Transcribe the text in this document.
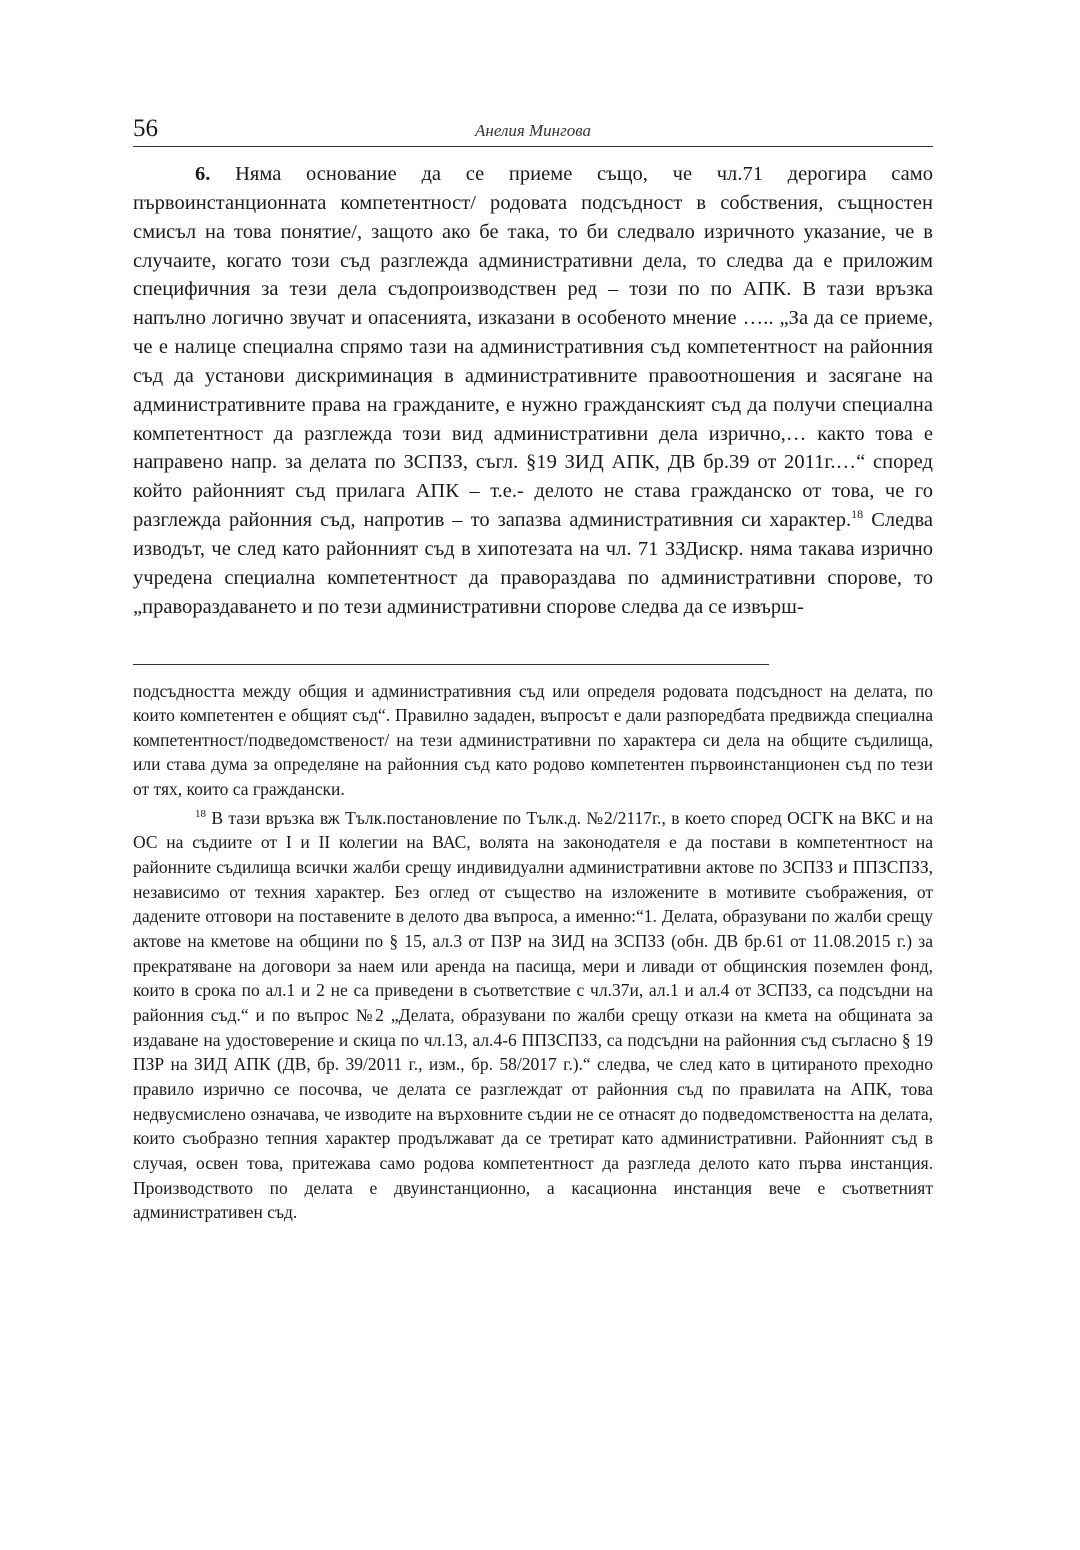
56	Анелия Мингова

6. Няма основание да се приеме също, че чл.71 дерогира само първоинстанционната компетентност/ родовата подсъдност в собствения, същностен смисъл на това понятие/, защото ако бе така, то би следвало изричното указание, че в случаите, когато този съд разглежда административни дела, то следва да е приложим специфичния за тези дела съдопроизводствен ред – този по по АПК. В тази връзка напълно логично звучат и опасенията, изказани в особеното мнение ….. „За да се приеме, че е налице специална спрямо тази на административния съд компетентност на районния съд да установи дискриминация в административните правоотношения и засягане на административните права на гражданите, е нужно гражданският съд да получи специална компетентност да разглежда този вид административни дела изрично,… както това е направено напр. за делата по ЗСПЗЗ, съгл. §19 ЗИД АПК, ДВ бр.39 от 2011г.…“ според който районният съд прилага АПК – т.е.- делото не става гражданско от това, че го разглежда районния съд, напротив – то запазва административния си характер.$^{18}$ Следва изводът, че след като районният съд в хипотезата на чл. 71 ЗЗДискр. няма такава изрично учредена специална компетентност да правораздава по административни спорове, то „правораздаването и по тези административни спорове следва да се извърш-

подсъдността между общия и административния съд или определя родовата подсъдност на делата, по които компетентен е общият съд“. Правилно зададен, въпросът е дали разпоредбата предвижда специална компетентност/подведомственост/ на тези административни по характера си дела на общите съдилища, или става дума за определяне на районния съд като родово компетентен първоинстанционен съд по тези от тях, които са граждански.

$^{18}$ В тази връзка вж Тълк.постановление по Тълк.д. №2/2117г., в което според ОСГК на ВКС и на ОС на съдиите от I и II колегии на ВАС, волята на законодателя е да постави в компетентност на районните съдилища всички жалби срещу индивидуални административни актове по ЗСПЗЗ и ППЗСПЗЗ, независимо от техния характер. Без оглед от същество на изложените в мотивите съображения, от дадените отговори на поставените в делото два въпроса, а именно:“1. Делата, образувани по жалби срещу актове на кметове на общини по § 15, ал.3 от ПЗР на ЗИД на ЗСПЗЗ (обн. ДВ бр.61 от 11.08.2015 г.) за прекратяване на договори за наем или аренда на пасища, мери и ливади от общинския поземлен фонд, които в срока по ал.1 и 2 не са приведени в съответствие с чл.37и, ал.1 и ал.4 от ЗСПЗЗ, са подсъдни на районния съд.“ и по въпрос №2 „Делата, образувани по жалби срещу откази на кмета на общината за издаване на удостоверение и скица по чл.13, ал.4-6 ППЗСПЗЗ, са подсъдни на районния съд съгласно § 19 ПЗР на ЗИД АПК (ДВ, бр. 39/2011 г., изм., бр. 58/2017 г.).“ следва, че след като в цитираното преходно правило изрично се посочва, че делата се разглеждат от районния съд по правилата на АПК, това недвусмислено означава, че изводите на върховните съдии не се отнасят до подведомствеността на делата, които съобразно тепния характер продължават да се третират като административни. Районният съд в случая, освен това, притежава само родова компетентност да разгледа делото като първа инстанция. Производството по делата е двуинстанционно, а касационна инстанция вече е съответният административен съд.
